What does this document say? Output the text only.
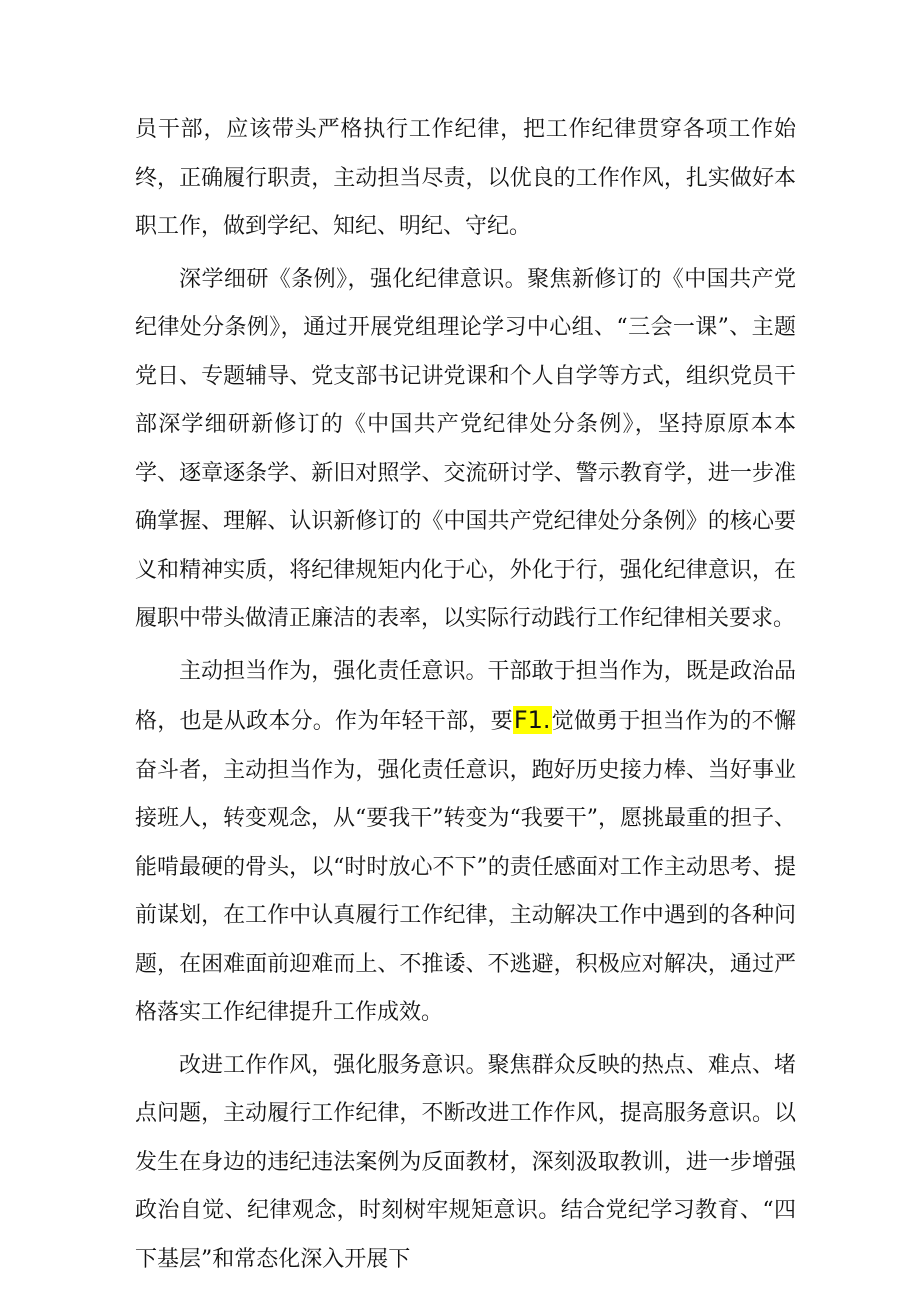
员干部，应该带头严格执行工作纪律，把工作纪律贯穿各项工作始终，正确履行职责，主动担当尽责，以优良的工作作风，扎实做好本职工作，做到学纪、知纪、明纪、守纪。

深学细研《条例》，强化纪律意识。聚焦新修订的《中国共产党纪律处分条例》，通过开展党组理论学习中心组、“三会一课”、主题党日、专题辅导、党支部书记讲党课和个人自学等方式，组织党员干部深学细研新修订的《中国共产党纪律处分条例》，坚持原原本本学、逐章逐条学、新旧对照学、交流研讨学、警示教育学，进一步准确掌握、理解、认识新修订的《中国共产党纪律处分条例》的核心要义和精神实质，将纪律规矩内化于心，外化于行，强化纪律意识，在履职中带头做清正廉洁的表率，以实际行动践行工作纪律相关要求。

主动担当作为，强化责任意识。干部敢于担当作为，既是政治品格，也是从政本分。作为年轻干部，要F1.觉做勇于担当作为的不懈奋斗者，主动担当作为，强化责任意识，跑好历史接力棒、当好事业接班人，转变观念，从“要我干”转变为“我要干”，愿挑最重的担子、能啃最硬的骨头，以“时时放心不下”的责任感面对工作主动思考、提前谋划，在工作中认真履行工作纪律，主动解决工作中遇到的各种问题，在困难面前迎难而上、不推诿、不逃避，积极应对解决，通过严格落实工作纪律提升工作成效。

改进工作作风，强化服务意识。聚焦群众反映的热点、难点、堵点问题，主动履行工作纪律，不断改进工作作风，提高服务意识。以发生在身边的违纪违法案例为反面教材，深刻汲取教训，进一步增强政治自觉、纪律观念，时刻树牢规矩意识。结合党纪学习教育、“四下基层”和常态化深入开展下
